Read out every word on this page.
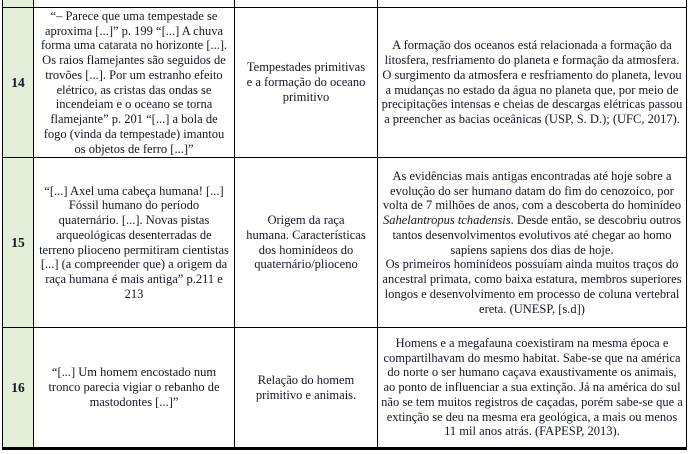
14
“– Parece que uma tempestade se aproxima [...]” p. 199 “[...] A chuva forma uma catarata no horizonte [...]. Os raios flamejantes são seguidos de trovões [...]. Por um estranho efeito elétrico, as cristas das ondas se incendeiam e o oceano se torna flamejante” p. 201 “[...] a bola de fogo (vinda da tempestade) imantou os objetos de ferro [...]”
Tempestades primitivas e a formação do oceano primitivo
A formação dos oceanos está relacionada a formação da litosfera, resfriamento do planeta e formação da atmosfera. O surgimento da atmosfera e resfriamento do planeta, levou a mudanças no estado da água no planeta que, por meio de precipitações intensas e cheias de descargas elétricas passou a preencher as bacias oceânicas (USP, S. D.); (UFC, 2017).
15
“[...] Axel uma cabeça humana! [...] Fóssil humano do período quaternário. [...]. Novas pistas arqueológicas desenterradas de terreno plioceno permitiram cientistas [...] (a compreender que) a origem da raça humana é mais antiga” p.211 e 213
Origem da raça humana. Características dos hominídeos do quaternário/plioceno
As evidências mais antigas encontradas até hoje sobre a evolução do ser humano datam do fim do cenozoico, por volta de 7 milhões de anos, com a descoberta do hominídeo Sahelantropus tchadensis. Desde então, se descobriu outros tantos desenvolvimentos evolutivos até chegar ao homo sapiens sapiens dos dias de hoje.
Os primeiros hominídeos possuíam ainda muitos traços do ancestral primata, como baixa estatura, membros superiores longos e desenvolvimento em processo de coluna vertebral ereta. (UNESP, [s.d])
16
“[...] Um homem encostado num tronco parecia vigiar o rebanho de mastodontes [...]”
Relação do homem primitivo e animais.
Homens e a megafauna coexistiram na mesma época e compartilhavam do mesmo habitat. Sabe-se que na américa do norte o ser humano caçava exaustivamente os animais, ao ponto de influenciar a sua extinção. Já na américa do sul não se tem muitos registros de caçadas, porém sabe-se que a extinção se deu na mesma era geológica, a mais ou menos 11 mil anos atrás. (FAPESP, 2013).
